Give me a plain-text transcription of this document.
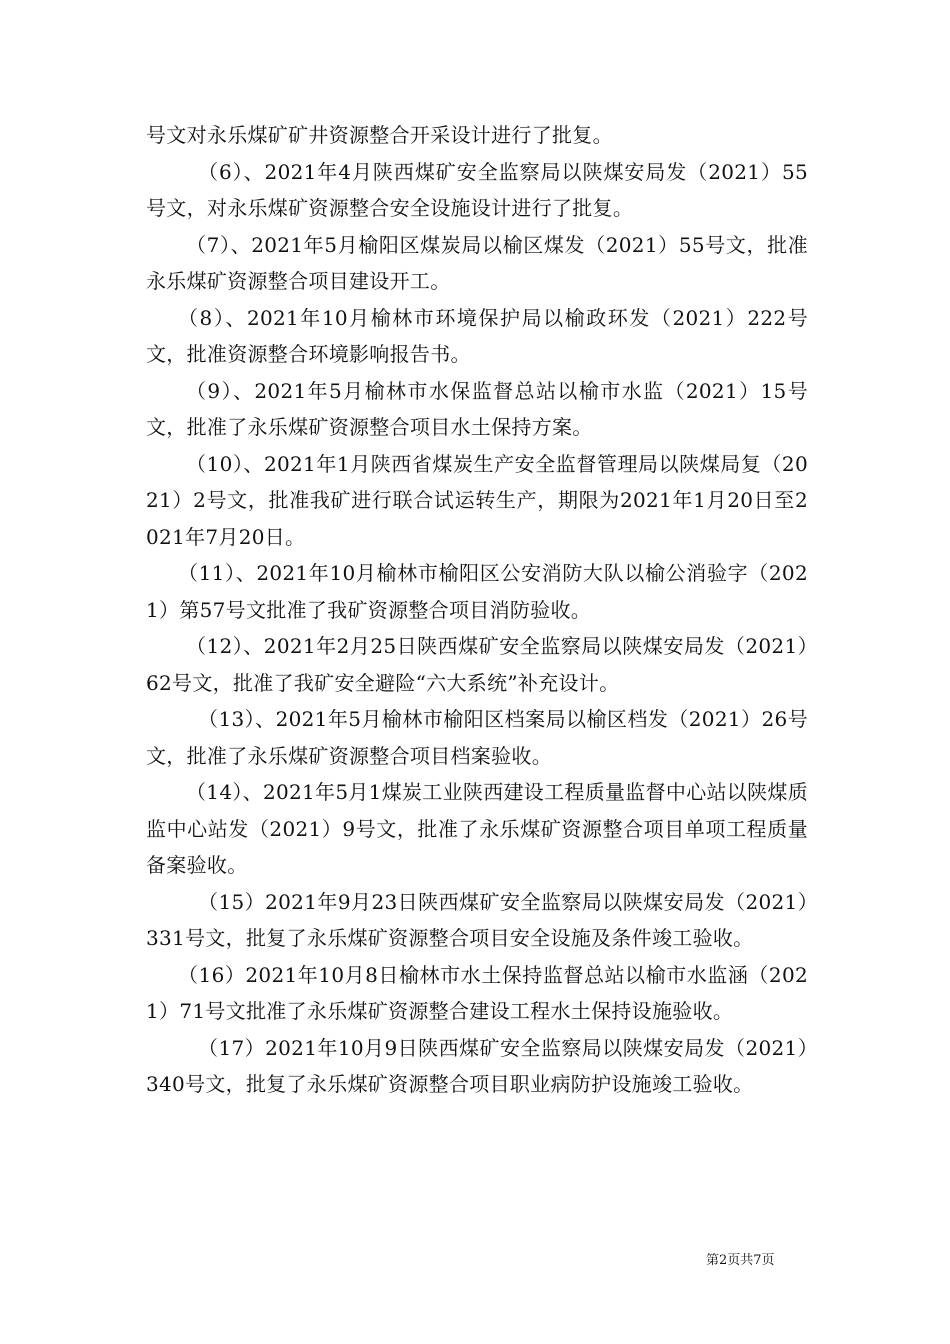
号文对永乐煤矿矿井资源整合开采设计进行了批复。

（6）、2021年4月陕西煤矿安全监察局以陕煤安局发（2021）55号文，对永乐煤矿资源整合安全设施设计进行了批复。

（7）、2021年5月榆阳区煤炭局以榆区煤发（2021）55号文，批准永乐煤矿资源整合项目建设开工。

（8）、2021年10月榆林市环境保护局以榆政环发（2021）222号文，批准资源整合环境影响报告书。

（9）、2021年5月榆林市水保监督总站以榆市水监（2021）15号文，批准了永乐煤矿资源整合项目水土保持方案。

（10）、2021年1月陕西省煤炭生产安全监督管理局以陕煤局复（2021）2号文，批准我矿进行联合试运转生产，期限为2021年1月20日至2021年7月20日。

（11）、2021年10月榆林市榆阳区公安消防大队以榆公消验字（2021）第57号文批准了我矿资源整合项目消防验收。

（12）、2021年2月25日陕西煤矿安全监察局以陕煤安局发（2021）62号文，批准了我矿安全避险“六大系统”补充设计。

（13）、2021年5月榆林市榆阳区档案局以榆区档发（2021）26号文，批准了永乐煤矿资源整合项目档案验收。

（14）、2021年5月1煤炭工业陕西建设工程质量监督中心站以陕煤质监中心站发（2021）9号文，批准了永乐煤矿资源整合项目单项工程质量备案验收。

（15）2021年9月23日陕西煤矿安全监察局以陕煤安局发（2021）331号文，批复了永乐煤矿资源整合项目安全设施及条件竣工验收。

（16）2021年10月8日榆林市水土保持监督总站以榆市水监涵（2021）71号文批准了永乐煤矿资源整合建设工程水土保持设施验收。

（17）2021年10月9日陕西煤矿安全监察局以陕煤安局发（2021）340号文，批复了永乐煤矿资源整合项目职业病防护设施竣工验收。

第2页共7页
